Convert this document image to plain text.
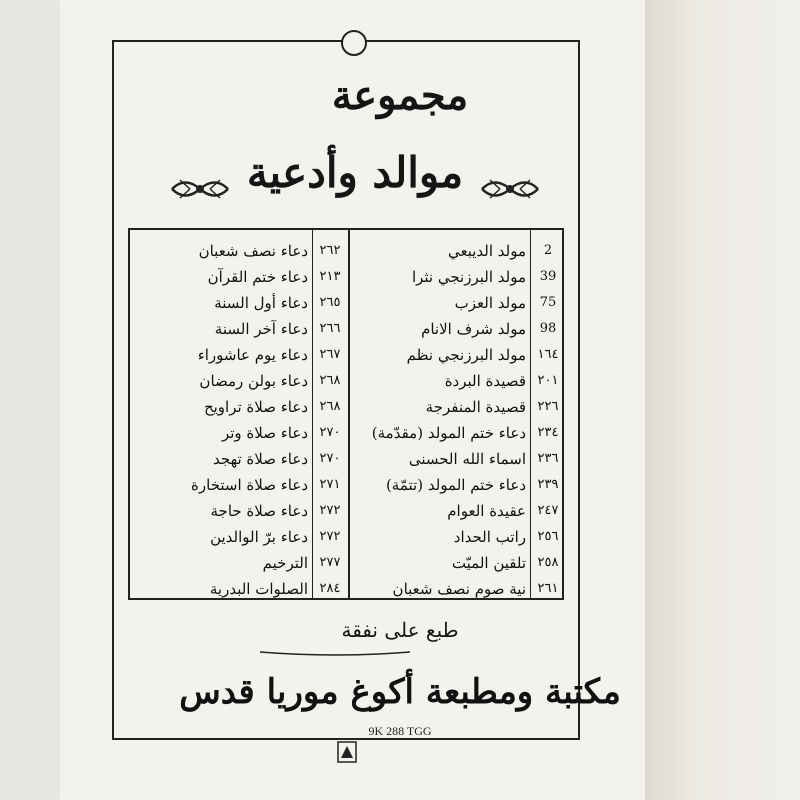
مجموعة
موالد وأدعية
2
مولد الديبعي
39
مولد البرزنجي نثرا
75
مولد العزب
98
مولد شرف الانام
١٦٤
مولد البرزنجي نظم
٢٠١
قصيدة البردة
٢٢٦
قصيدة المنفرجة
٢٣٤
دعاء ختم المولد (مقدّمة)
٢٣٦
اسماء الله الحسنى
٢٣٩
دعاء ختم المولد (تتمّة)
٢٤٧
عقيدة العوام
٢٥٦
راتب الحداد
٢٥٨
تلقين الميّت
٢٦١
نية صوم نصف شعبان
٢٦٢
دعاء نصف شعبان
٢١٣
دعاء ختم القرآن
٢٦٥
دعاء أول السنة
٢٦٦
دعاء آخر السنة
٢٦٧
دعاء يوم عاشوراء
٢٦٨
دعاء بولن رمضان
٢٦٨
دعاء صلاة تراويح
٢٧٠
دعاء صلاة وتر
٢٧٠
دعاء صلاة تهجد
٢٧١
دعاء صلاة استخارة
٢٧٢
دعاء صلاة حاجة
٢٧٢
دعاء برّ الوالدين
٢٧٧
الترخيم
٢٨٤
الصلوات البدرية
طبع على نفقة
مكتبة ومطبعة أكوغ موريا قدس
9K 288 TGG
